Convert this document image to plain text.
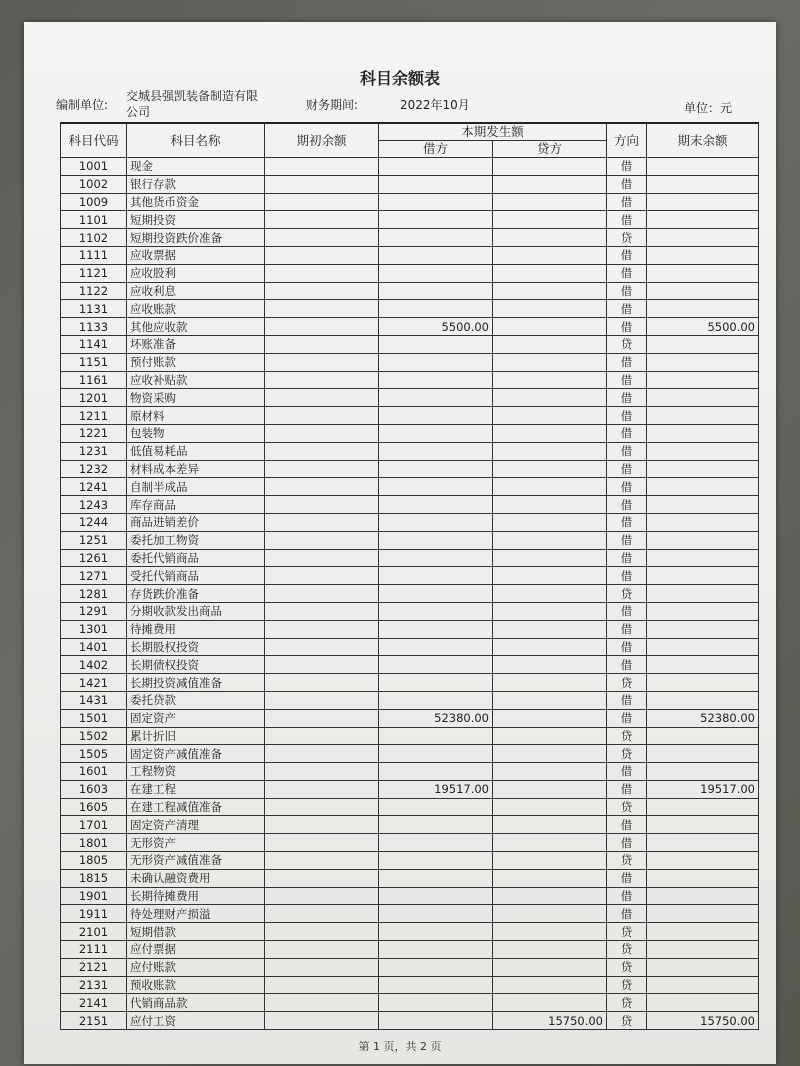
科目余额表
编制单位:
交城县强凯装备制造有限公司	财务期间:	2022年10月	单位：元
科目代码	科目名称	期初余额	本期发生额		方向	期末余额
			借方	贷方		
1001	现金				借	
1002	银行存款				借	
1009	其他货币资金				借	
1101	短期投资				借	
1102	短期投资跌价准备				贷	
1111	应收票据				借	
1121	应收股利				借	
1122	应收利息				借	
1131	应收账款				借	
1133	其他应收款		5500.00		借	5500.00
1141	坏账准备				贷	
1151	预付账款				借	
1161	应收补贴款				借	
1201	物资采购				借	
1211	原材料				借	
1221	包装物				借	
1231	低值易耗品				借	
1232	材料成本差异				借	
1241	自制半成品				借	
1243	库存商品				借	
1244	商品进销差价				借	
1251	委托加工物资				借	
1261	委托代销商品				借	
1271	受托代销商品				借	
1281	存货跌价准备				贷	
1291	分期收款发出商品				借	
1301	待摊费用				借	
1401	长期股权投资				借	
1402	长期债权投资				借	
1421	长期投资减值准备				贷	
1431	委托贷款				借	
1501	固定资产		52380.00		借	52380.00
1502	累计折旧				贷	
1505	固定资产减值准备				贷	
1601	工程物资				借	
1603	在建工程		19517.00		借	19517.00
1605	在建工程减值准备				贷	
1701	固定资产清理				借	
1801	无形资产				借	
1805	无形资产减值准备				贷	
1815	未确认融资费用				借	
1901	长期待摊费用				借	
1911	待处理财产损溢				借	
2101	短期借款				贷	
2111	应付票据				贷	
2121	应付账款				贷	
2131	预收账款				贷	
2141	代销商品款				贷	
2151	应付工资			15750.00	贷	15750.00
第 1 页，共 2 页
